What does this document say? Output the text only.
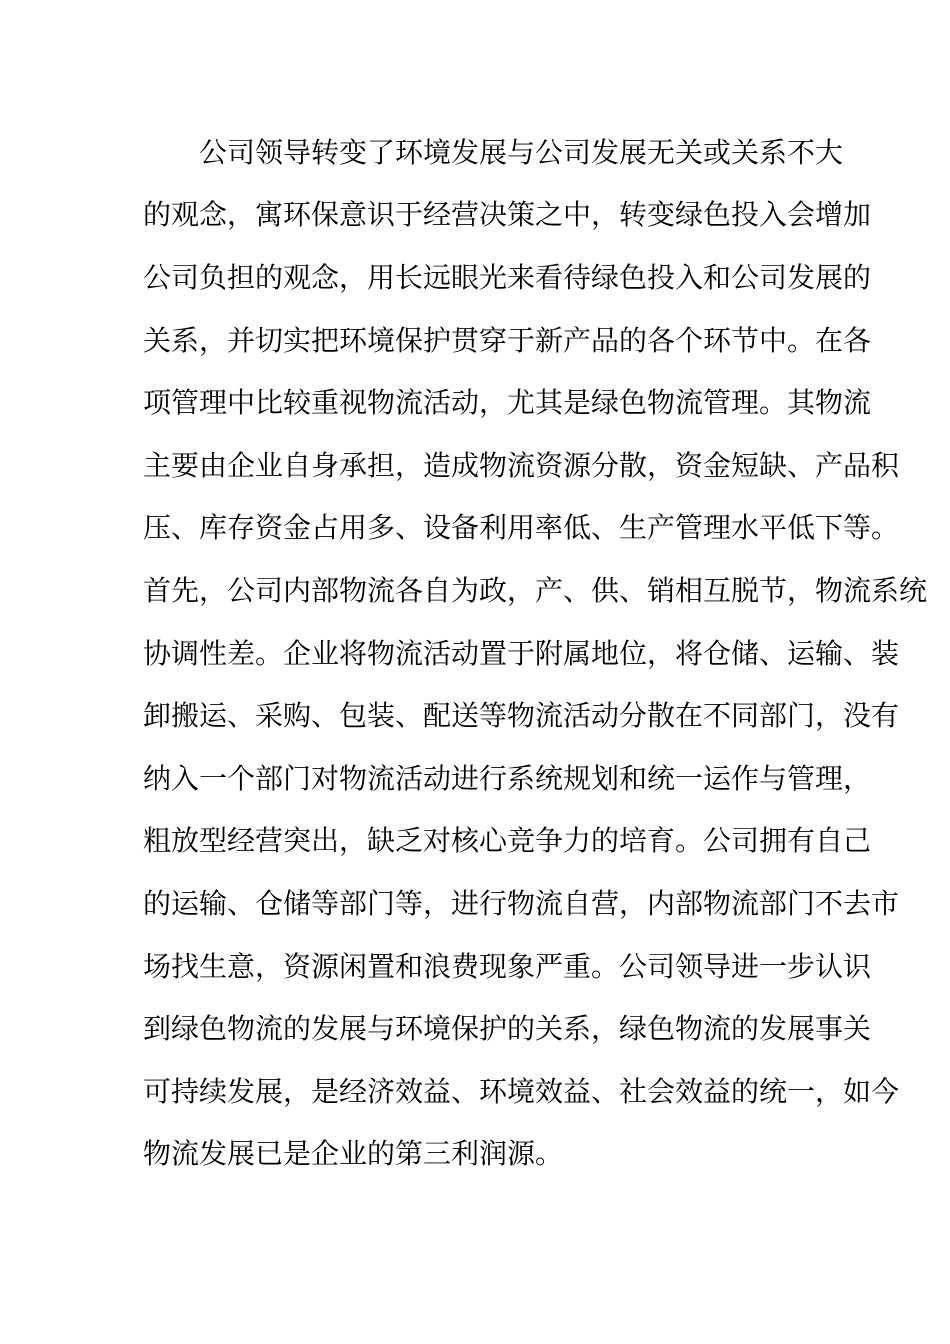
公司领导转变了环境发展与公司发展无关或关系不大
的观念，寓环保意识于经营决策之中，转变绿色投入会增加
公司负担的观念，用长远眼光来看待绿色投入和公司发展的
关系，并切实把环境保护贯穿于新产品的各个环节中。在各
项管理中比较重视物流活动，尤其是绿色物流管理。其物流
主要由企业自身承担，造成物流资源分散，资金短缺、产品积
压、库存资金占用多、设备利用率低、生产管理水平低下等。
首先，公司内部物流各自为政，产、供、销相互脱节，物流系统
协调性差。企业将物流活动置于附属地位，将仓储、运输、装
卸搬运、采购、包装、配送等物流活动分散在不同部门，没有
纳入一个部门对物流活动进行系统规划和统一运作与管理，
粗放型经营突出，缺乏对核心竞争力的培育。公司拥有自己
的运输、仓储等部门等，进行物流自营，内部物流部门不去市
场找生意，资源闲置和浪费现象严重。公司领导进一步认识
到绿色物流的发展与环境保护的关系，绿色物流的发展事关
可持续发展，是经济效益、环境效益、社会效益的统一，如今
物流发展已是企业的第三利润源。
